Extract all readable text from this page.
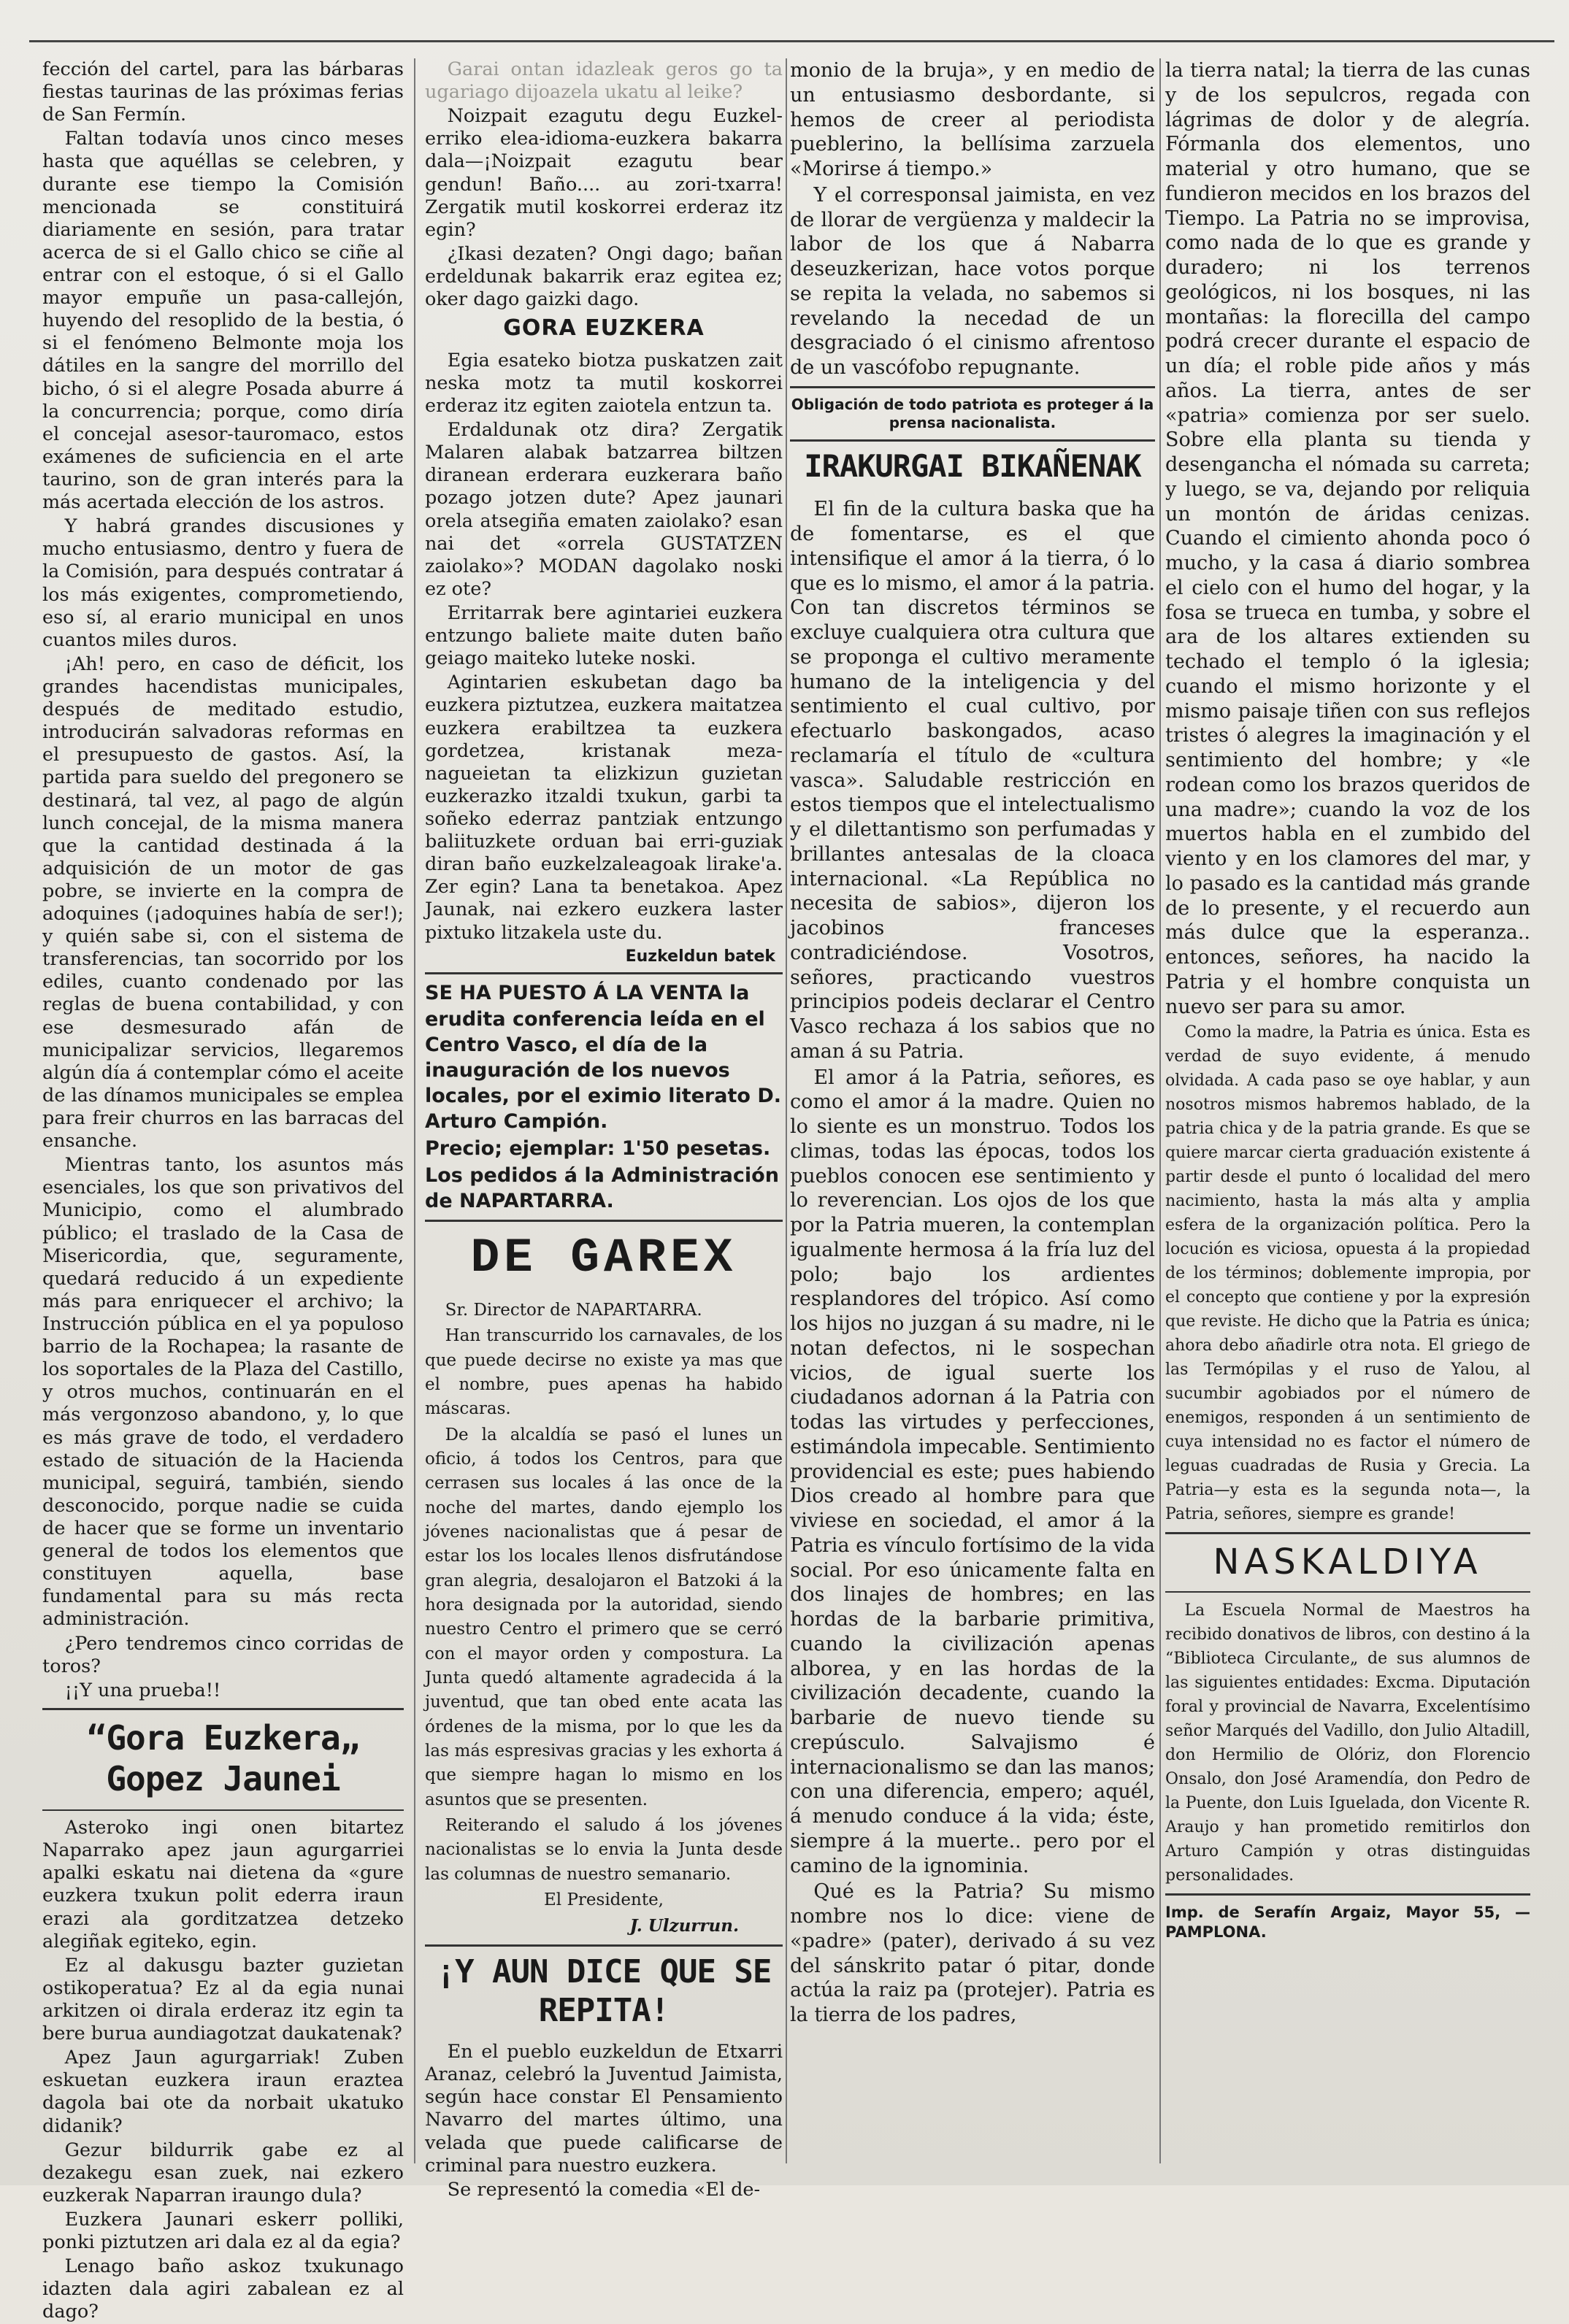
fección del cartel, para las bárbaras fiestas taurinas de las próximas ferias de San Fermín.

Faltan todavía unos cinco meses hasta que aquéllas se celebren, y durante ese tiempo la Comisión mencionada se constituirá diariamente en sesión, para tratar acerca de si el Gallo chico se ciñe al entrar con el estoque, ó si el Gallo mayor empuñe un pasa-callejón, huyendo del resoplido de la bestia, ó si el fenómeno Belmonte moja los dátiles en la sangre del morrillo del bicho, ó si el alegre Posada aburre á la concurrencia; porque, como diría el concejal asesor-tauromaco, estos exámenes de suficiencia en el arte taurino, son de gran interés para la más acertada elección de los astros.

Y habrá grandes discusiones y mucho entusiasmo, dentro y fuera de la Comisión, para después contratar á los más exigentes, comprometiendo, eso sí, al erario municipal en unos cuantos miles duros.

¡Ah! pero, en caso de déficit, los grandes hacendistas municipales, después de meditado estudio, introducirán salvadoras reformas en el presupuesto de gastos. Así, la partida para sueldo del pregonero se destinará, tal vez, al pago de algún lunch concejal, de la misma manera que la cantidad destinada á la adquisición de un motor de gas pobre, se invierte en la compra de adoquines (¡adoquines había de ser!); y quién sabe si, con el sistema de transferencias, tan socorrido por los ediles, cuanto condenado por las reglas de buena contabilidad, y con ese desmesurado afán de municipalizar servicios, llegaremos algún día á contemplar cómo el aceite de las dínamos municipales se emplea para freir churros en las barracas del ensanche.

Mientras tanto, los asuntos más esenciales, los que son privativos del Municipio, como el alumbrado público; el traslado de la Casa de Misericordia, que, seguramente, quedará reducido á un expediente más para enriquecer el archivo; la Instrucción pública en el ya populoso barrio de la Rochapea; la rasante de los soportales de la Plaza del Castillo, y otros muchos, continuarán en el más vergonzoso abandono, y, lo que es más grave de todo, el verdadero estado de situación de la Hacienda municipal, seguirá, también, siendo desconocido, porque nadie se cuida de hacer que se forme un inventario general de todos los elementos que constituyen aquella, base fundamental para su más recta administración.

¿Pero tendremos cinco corridas de toros?

¡¡Y una prueba!!

“Gora Euzkera„ Gopez Jaunei

Asteroko ingi onen bitartez Naparrako apez jaun agurgarriei apalki eskatu nai dietena da «gure euzkera txukun polit ederra iraun erazi ala gorditzatzea detzeko alegiñak egiteko, egin.

Ez al dakusgu bazter guzietan ostikoperatua? Ez al da egia nunai arkitzen oi dirala erderaz itz egin ta bere burua aundiagotzat daukatenak?

Apez Jaun agurgarriak! Zuben eskuetan euzkera iraun eraztea dagola bai ote da norbait ukatuko didanik?

Gezur bildurrik gabe ez al dezakegu esan zuek, nai ezkero euzkerak Naparran iraungo dula?

Euzkera Jaunari eskerr polliki, ponki piztutzen ari dala ez al da egia?

Lenago baño askoz txukunago idazten dala agiri zabalean ez al dago?

Garai ontan idazleak geros go ta ugariago dijoazela ukatu al leike?

Noizpait ezagutu degu Euzkel-erriko elea-idioma-euzkera bakarra dala—¡Noizpait ezagutu bear gendun! Baño.... au zori-txarra! Zergatik mutil koskorrei erderaz itz egin?

¿Ikasi dezaten? Ongi dago; bañan erdeldunak bakarrik eraz egitea ez; oker dago gaizki dago.

GORA EUZKERA

Egia esateko biotza puskatzen zait neska motz ta mutil koskorrei erderaz itz egiten zaiotela entzun ta.

Erdaldunak otz dira? Zergatik Malaren alabak batzarrea biltzen diranean erderara euzkerara baño pozago jotzen dute? Apez jaunari orela atsegiña ematen zaiolako? esan nai det «orrela GUSTATZEN zaiolako»? MODAN dagolako noski ez ote?

Erritarrak bere agintariei euzkera entzungo baliete maite duten baño geiago maiteko luteke noski.

Agintarien eskubetan dago ba euzkera piztutzea, euzkera maitatzea euzkera erabiltzea ta euzkera gordetzea, kristanak meza-nagueietan ta elizkizun guzietan euzkerazko itzaldi txukun, garbi ta soñeko ederraz pantziak entzungo baliituzkete orduan bai erri-guziak diran baño euzkelzaleagoak lirake'a. Zer egin? Lana ta benetakoa. Apez Jaunak, nai ezkero euzkera laster pixtuko litzakela uste du.

Euzkeldun batek

SE HA PUESTO Á LA VENTA la erudita conferencia leída en el Centro Vasco, el día de la inauguración de los nuevos locales, por el eximio literato D. Arturo Campión.

Precio; ejemplar: 1'50 pesetas.

Los pedidos á la Administración de NAPARTARRA.

DE GAREX

Sr. Director de NAPARTARRA.

Han transcurrido los carnavales, de los que puede decirse no existe ya mas que el nombre, pues apenas ha habido máscaras.

De la alcaldía se pasó el lunes un oficio, á todos los Centros, para que cerrasen sus locales á las once de la noche del martes, dando ejemplo los jóvenes nacionalistas que á pesar de estar los los locales llenos disfrutándose gran alegria, desalojaron el Batzoki á la hora designada por la autoridad, siendo nuestro Centro el primero que se cerró con el mayor orden y compostura. La Junta quedó altamente agradecida á la juventud, que tan obed ente acata las órdenes de la misma, por lo que les da las más espresivas gracias y les exhorta á que siempre hagan lo mismo en los asuntos que se presenten.

Reiterando el saludo á los jóvenes nacionalistas se lo envia la Junta desde las columnas de nuestro semanario.

El Presidente,

J. Ulzurrun.
¡Y AUN DICE QUE SE REPITA!

En el pueblo euzkeldun de Etxarri Aranaz, celebró la Juventud Jaimista, según hace constar El Pensamiento Navarro del martes último, una velada que puede calificarse de criminal para nuestro euzkera.

Se representó la comedia «El de-

monio de la bruja», y en medio de un entusiasmo desbordante, si hemos de creer al periodista pueblerino, la bellísima zarzuela «Morirse á tiempo.»

Y el corresponsal jaimista, en vez de llorar de vergüenza y maldecir la labor de los que á Nabarra deseuzkerizan, hace votos porque se repita la velada, no sabemos si revelando la necedad de un desgraciado ó el cinismo afrentoso de un vascófobo repugnante.

Obligación de todo patriota es proteger á la prensa nacionalista.
IRAKURGAI BIKAÑENAK

El fin de la cultura baska que ha de fomentarse, es el que intensifique el amor á la tierra, ó lo que es lo mismo, el amor á la patria. Con tan discretos términos se excluye cualquiera otra cultura que se proponga el cultivo meramente humano de la inteligencia y del sentimiento el cual cultivo, por efectuarlo baskongados, acaso reclamaría el título de «cultura vasca». Saludable restricción en estos tiempos que el intelectualismo y el dilettantismo son perfumadas y brillantes antesalas de la cloaca internacional. «La República no necesita de sabios», dijeron los jacobinos franceses contradiciéndose. Vosotros, señores, practicando vuestros principios podeis declarar el Centro Vasco rechaza á los sabios que no aman á su Patria.

El amor á la Patria, señores, es como el amor á la madre. Quien no lo siente es un monstruo. Todos los climas, todas las épocas, todos los pueblos conocen ese sentimiento y lo reverencian. Los ojos de los que por la Patria mueren, la contemplan igualmente hermosa á la fría luz del polo; bajo los ardientes resplandores del trópico. Así como los hijos no juzgan á su madre, ni le notan defectos, ni le sospechan vicios, de igual suerte los ciudadanos adornan á la Patria con todas las virtudes y perfecciones, estimándola impecable. Sentimiento providencial es este; pues habiendo Dios creado al hombre para que viviese en sociedad, el amor á la Patria es vínculo fortísimo de la vida social. Por eso únicamente falta en dos linajes de hombres; en las hordas de la barbarie primitiva, cuando la civilización apenas alborea, y en las hordas de la civilización decadente, cuando la barbarie de nuevo tiende su crepúsculo. Salvajismo é internacionalismo se dan las manos; con una diferencia, empero; aquél, á menudo conduce á la vida; éste, siempre á la muerte.. pero por el camino de la ignominia.

Qué es la Patria? Su mismo nombre nos lo dice: viene de «padre» (pater), derivado á su vez del sánskrito patar ó pitar, donde actúa la raiz pa (protejer). Patria es la tierra de los padres,

la tierra natal; la tierra de las cunas y de los sepulcros, regada con lágrimas de dolor y de alegría. Fórmanla dos elementos, uno material y otro humano, que se fundieron mecidos en los brazos del Tiempo. La Patria no se improvisa, como nada de lo que es grande y duradero; ni los terrenos geológicos, ni los bosques, ni las montañas: la florecilla del campo podrá crecer durante el espacio de un día; el roble pide años y más años. La tierra, antes de ser «patria» comienza por ser suelo. Sobre ella planta su tienda y desengancha el nómada su carreta; y luego, se va, dejando por reliquia un montón de áridas cenizas. Cuando el cimiento ahonda poco ó mucho, y la casa á diario sombrea el cielo con el humo del hogar, y la fosa se trueca en tumba, y sobre el ara de los altares extienden su techado el templo ó la iglesia; cuando el mismo horizonte y el mismo paisaje tiñen con sus reflejos tristes ó alegres la imaginación y el sentimiento del hombre; y «le rodean como los brazos queridos de una madre»; cuando la voz de los muertos habla en el zumbido del viento y en los clamores del mar, y lo pasado es la cantidad más grande de lo presente, y el recuerdo aun más dulce que la esperanza.. entonces, señores, ha nacido la Patria y el hombre conquista un nuevo ser para su amor.

Como la madre, la Patria es única. Esta es verdad de suyo evidente, á menudo olvidada. A cada paso se oye hablar, y aun nosotros mismos habremos hablado, de la patria chica y de la patria grande. Es que se quiere marcar cierta graduación existente á partir desde el punto ó localidad del mero nacimiento, hasta la más alta y amplia esfera de la organización política. Pero la locución es viciosa, opuesta á la propiedad de los términos; doblemente impropia, por el concepto que contiene y por la expresión que reviste. He dicho que la Patria es única; ahora debo añadirle otra nota. El griego de las Termópilas y el ruso de Yalou, al sucumbir agobiados por el número de enemigos, responden á un sentimiento de cuya intensidad no es factor el número de leguas cuadradas de Rusia y Grecia. La Patria—y esta es la segunda nota—, la Patria, señores, siempre es grande!

NASKALDIYA

La Escuela Normal de Maestros ha recibido donativos de libros, con destino á la “Biblioteca Circulante„ de sus alumnos de las siguientes entidades: Excma. Diputación foral y provincial de Navarra, Excelentísimo señor Marqués del Vadillo, don Julio Altadill, don Hermilio de Olóriz, don Florencio Onsalo, don José Aramendía, don Pedro de la Puente, don Luis Iguelada, don Vicente R. Araujo y han prometido remitirlos don Arturo Campión y otras distinguidas personalidades.

Imp. de Serafín Argaiz, Mayor 55, —PAMPLONA.
